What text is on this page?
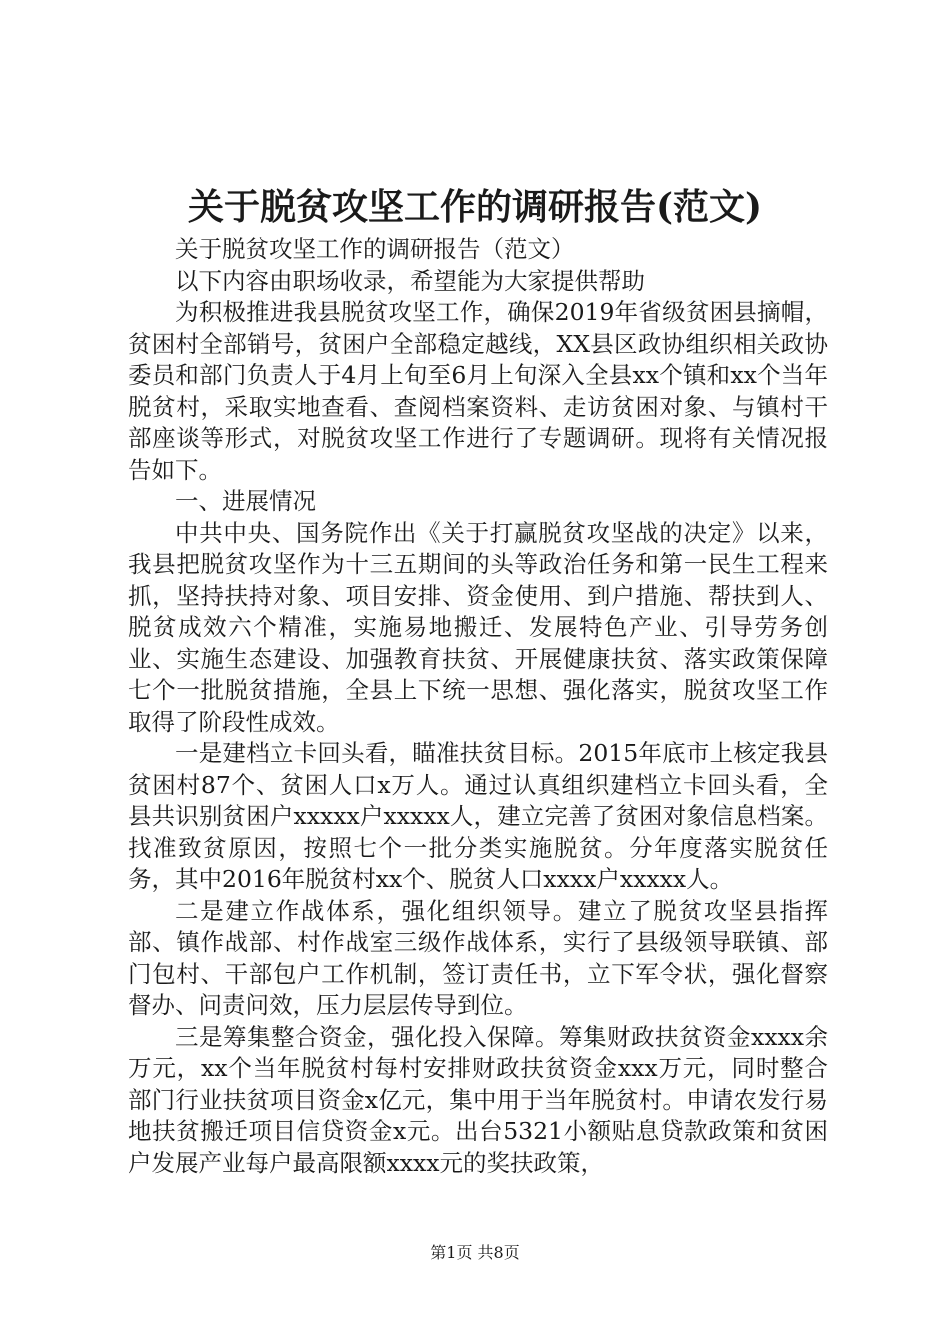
关于脱贫攻坚工作的调研报告(范文)

关于脱贫攻坚工作的调研报告（范文）

以下内容由职场收录，希望能为大家提供帮助

为积极推进我县脱贫攻坚工作，确保2019年省级贫困县摘帽，贫困村全部销号，贫困户全部稳定越线，XX县区政协组织相关政协委员和部门负责人于4月上旬至6月上旬深入全县xx个镇和xx个当年脱贫村，采取实地查看、查阅档案资料、走访贫困对象、与镇村干部座谈等形式，对脱贫攻坚工作进行了专题调研。现将有关情况报告如下。

一、进展情况

中共中央、国务院作出《关于打赢脱贫攻坚战的决定》以来，我县把脱贫攻坚作为十三五期间的头等政治任务和第一民生工程来抓，坚持扶持对象、项目安排、资金使用、到户措施、帮扶到人、脱贫成效六个精准，实施易地搬迁、发展特色产业、引导劳务创业、实施生态建设、加强教育扶贫、开展健康扶贫、落实政策保障七个一批脱贫措施，全县上下统一思想、强化落实，脱贫攻坚工作取得了阶段性成效。

一是建档立卡回头看，瞄准扶贫目标。2015年底市上核定我县贫困村87个、贫困人口x万人。通过认真组织建档立卡回头看，全县共识别贫困户xxxxx户xxxxx人，建立完善了贫困对象信息档案。找准致贫原因，按照七个一批分类实施脱贫。分年度落实脱贫任务，其中2016年脱贫村xx个、脱贫人口xxxx户xxxxx人。

二是建立作战体系，强化组织领导。建立了脱贫攻坚县指挥部、镇作战部、村作战室三级作战体系，实行了县级领导联镇、部门包村、干部包户工作机制，签订责任书，立下军令状，强化督察督办、问责问效，压力层层传导到位。

三是筹集整合资金，强化投入保障。筹集财政扶贫资金xxxx余万元，xx个当年脱贫村每村安排财政扶贫资金xxx万元，同时整合部门行业扶贫项目资金x亿元，集中用于当年脱贫村。申请农发行易地扶贫搬迁项目信贷资金x元。出台5321小额贴息贷款政策和贫困户发展产业每户最高限额xxxx元的奖扶政策，

第1页 共8页
